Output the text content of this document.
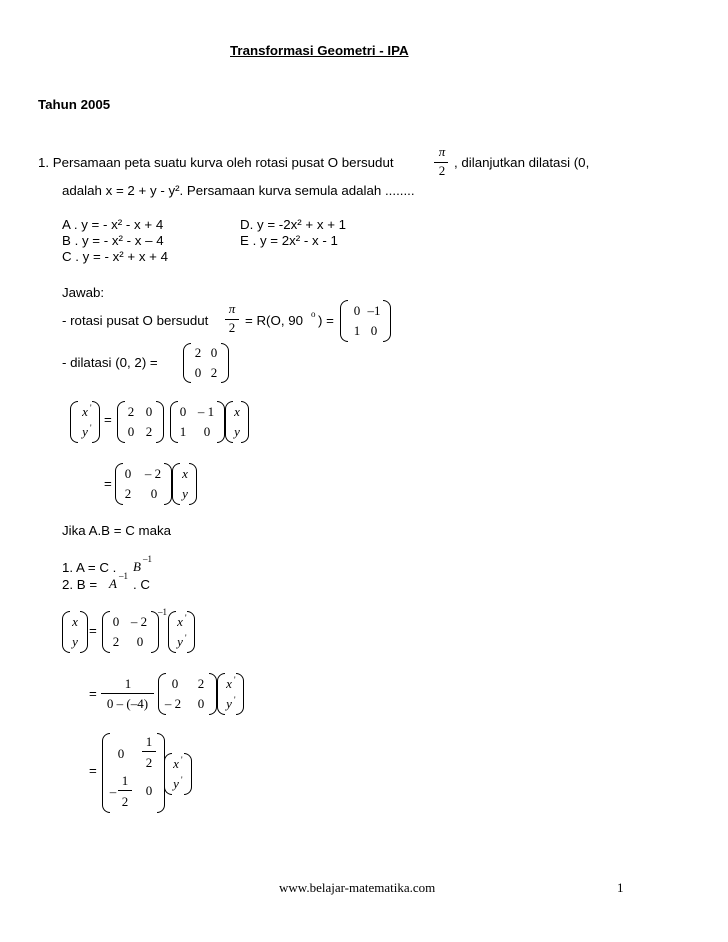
Transformasi Geometri - IPA
Tahun 2005
1. Persamaan peta suatu kurva oleh rotasi pusat O bersudut
π
2
, dilanjutkan dilatasi (0,
adalah x = 2 + y - y². Persamaan kurva semula adalah ........
A . y = - x² - x + 4
B . y = - x² - x – 4
C . y = - x² + x + 4
D. y = -2x² + x + 1
E . y = 2x² - x - 1
Jawab:
- rotasi pusat O bersudut
π
2 = R(O, 90 o ) =
0 –1
1 0
- dilatasi (0, 2) =
2 0
0 2
x '
y '
=
2 0
0 2
0 – 1
1 0
x
y
=
0 – 2
2 0
x
y
Jika A.B = C maka
1. A = C . B –1
2. B = A –1
. C
x
y
=
0 – 2
2 0
–1
x '
y '
=
1
0 – (–4)
0 2
– 2 0
x '
y '
=
0
1
2
–
1
2
0
x '
y '
www.belajar-matematika.com	1
